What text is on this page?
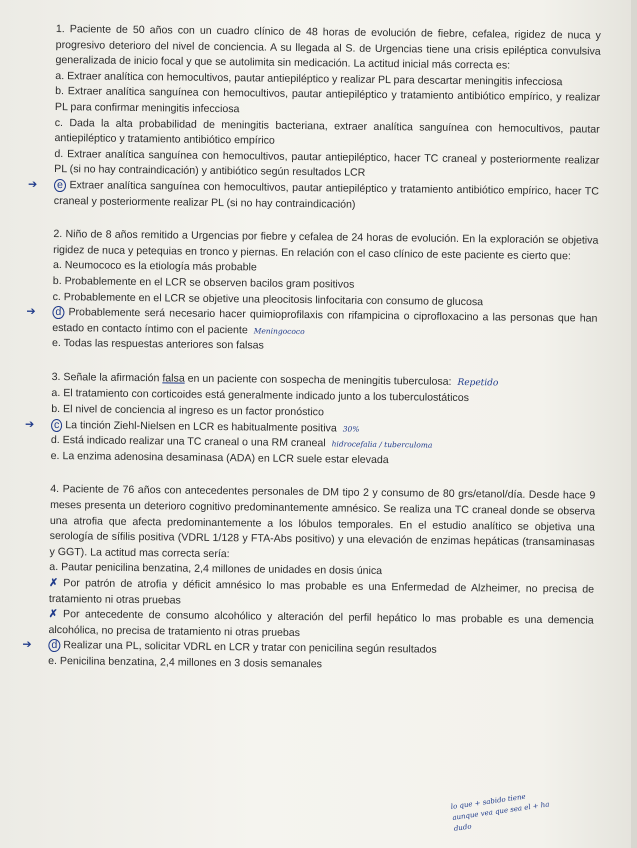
1. Paciente de 50 años con un cuadro clínico de 48 horas de evolución de fiebre, cefalea, rigidez de nuca y progresivo deterioro del nivel de conciencia. A su llegada al S. de Urgencias tiene una crisis epiléptica convulsiva generalizada de inicio focal y que se autolimita sin medicación. La actitud inicial más correcta es:
a. Extraer analítica con hemocultivos, pautar antiepiléptico y realizar PL para descartar meningitis infecciosa
b. Extraer analítica sanguínea con hemocultivos, pautar antiepiléptico y tratamiento antibiótico empírico, y realizar PL para confirmar meningitis infecciosa
c. Dada la alta probabilidad de meningitis bacteriana, extraer analítica sanguínea con hemocultivos, pautar antiepiléptico y tratamiento antibiótico empírico
d. Extraer analítica sanguínea con hemocultivos, pautar antiepiléptico, hacer TC craneal y posteriormente realizar PL (si no hay contraindicación) y antibiótico según resultados LCR
➔ e Extraer analítica sanguínea con hemocultivos, pautar antiepiléptico y tratamiento antibiótico empírico, hacer TC craneal y posteriormente realizar PL (si no hay contraindicación)
2. Niño de 8 años remitido a Urgencias por fiebre y cefalea de 24 horas de evolución. En la exploración se objetiva rigidez de nuca y petequias en tronco y piernas. En relación con el caso clínico de este paciente es cierto que:
a. Neumococo es la etiología más probable
b. Probablemente en el LCR se observen bacilos gram positivos
c. Probablemente en el LCR se objetive una pleocitosis linfocitaria con consumo de glucosa
➔ d Probablemente será necesario hacer quimioprofilaxis con rifampicina o ciprofloxacino a las personas que han estado en contacto íntimo con el paciente Meningococo
e. Todas las respuestas anteriores son falsas
3. Señale la afirmación falsa en un paciente con sospecha de meningitis tuberculosa: Repetido
a. El tratamiento con corticoides está generalmente indicado junto a los tuberculostáticos
b. El nivel de conciencia al ingreso es un factor pronóstico
➔ c La tinción Ziehl-Nielsen en LCR es habitualmente positiva 30%
d. Está indicado realizar una TC craneal o una RM craneal hidrocefalia / tuberculoma
e. La enzima adenosina desaminasa (ADA) en LCR suele estar elevada
4. Paciente de 76 años con antecedentes personales de DM tipo 2 y consumo de 80 grs/etanol/día. Desde hace 9 meses presenta un deterioro cognitivo predominantemente amnésico. Se realiza una TC craneal donde se observa una atrofia que afecta predominantemente a los lóbulos temporales. En el estudio analítico se objetiva una serología de sífilis positiva (VDRL 1/128 y FTA-Abs positivo) y una elevación de enzimas hepáticas (transaminasas y GGT). La actitud mas correcta sería:
a. Pautar penicilina benzatina, 2,4 millones de unidades en dosis única
✗ Por patrón de atrofia y déficit amnésico lo mas probable es una Enfermedad de Alzheimer, no precisa de tratamiento ni otras pruebas
✗ Por antecedente de consumo alcohólico y alteración del perfil hepático lo mas probable es una demencia alcohólica, no precisa de tratamiento ni otras pruebas
➔ d Realizar una PL, solicitar VDRL en LCR y tratar con penicilina según resultados
e. Penicilina benzatina, 2,4 millones en 3 dosis semanales
lo que + sabido tiene aunque vea que sea el + ha dudo
